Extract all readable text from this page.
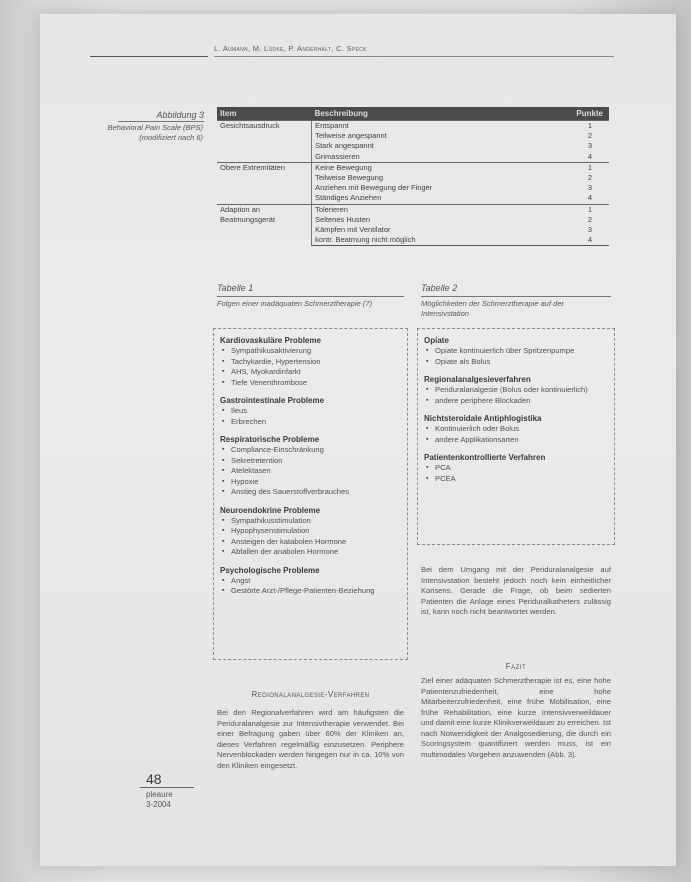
L. Aumann, M. Lüdke, P. Anderhalt, C. Speck
Abbildung 3
Behavioral Pain Scale (BPS) (modifiziert nach 6)
Item	Beschreibung	Punkte
Gesichtsausdruck	Entspannt	1
	Teilweise angespannt	2
	Stark angespannt	3
	Grimassieren	4
Obere Extremitäten	Keine Bewegung	1
	Teilweise Bewegung	2
	Anziehen mit Bewegung der Finger	3
	Ständiges Anziehen	4
Adaption an Beatmungsgerät	Tolerieren	1
	Seltenes Husten	2
	Kämpfen mit Ventilator	3
	kontr. Beatmung nicht möglich	4
Tabelle 1
Folgen einer inadäquaten Schmerztherapie (7)
Kardiovaskuläre Probleme
▪ Sympathikusaktivierung
▪ Tachykardie, Hypertension
▪ AHS, Myokardinfarkt
▪ Tiefe Venenthrombose
Gastrointestinale Probleme
▪ Ileus
▪ Erbrechen
Respiratorische Probleme
▪ Compliance-Einschränkung
▪ Sekretretention
▪ Atelektasen
▪ Hypoxie
▪ Anstieg des Sauerstoffverbrauches
Neuroendokrine Probleme
▪ Sympathikusstimulation
▪ Hypophysenstimulation
▪ Ansteigen der katabolen Hormone
▪ Abfallen der anabolen Hormone
Psychologische Probleme
▪ Angst
▪ Gestörte Arzt-/Pflege-Patienten-Beziehung
Tabelle 2
Möglichkeiten der Schmerztherapie auf der Intensivstation
Opiate
▪ Opiate kontinuierlich über Spritzenpumpe
▪ Opiate als Bolus
Regionalanalgesieverfahren
▪ Periduralanalgesie (Bolus oder kontinuierlich)
▪ andere periphere Blockaden
Nichtsteroidale Antiphlogistika
▪ Kontinuierlich oder Bolus
▪ andere Applikationsarten
Patientenkontrollierte Verfahren
▪ PCA
▪ PCEA
Bei dem Umgang mit der Periduralanalgesie auf Intensivstation besteht jedoch noch kein einheitlicher Konsens. Gerade die Frage, ob beim sedierten Patienten die Anlage eines Periduralkatheters zulässig ist, kann noch nicht beantwortet werden.
Fazit
Ziel einer adäquaten Schmerztherapie ist es, eine hohe Patientenzufriedenheit, eine hohe Mitarbeiterzufriedenheit, eine frühe Mobilisation, eine frühe Rehabilitation, eine kurze Intensivverweildauer und damit eine kurze Klinikverweildauer zu erreichen. Ist nach Notwendigkeit der Analgosedierung, die durch ein Scoringsystem quantifiziert werden muss, ist ein multimodales Vorgehen anzuwenden (Abb. 3).
Regionalanalgesie-Verfahren
Bei den Regionalverfahren wird am häufigsten die Periduralanalgesie zur Intensivtherapie verwendet. Bei einer Befragung gaben über 60% der Kliniken an, dieses Verfahren regelmäßig einzusetzen. Periphere Nervenblockaden werden hingegen nur in ca. 10% von den Kliniken eingesetzt.
48
pleaure
3-2004
